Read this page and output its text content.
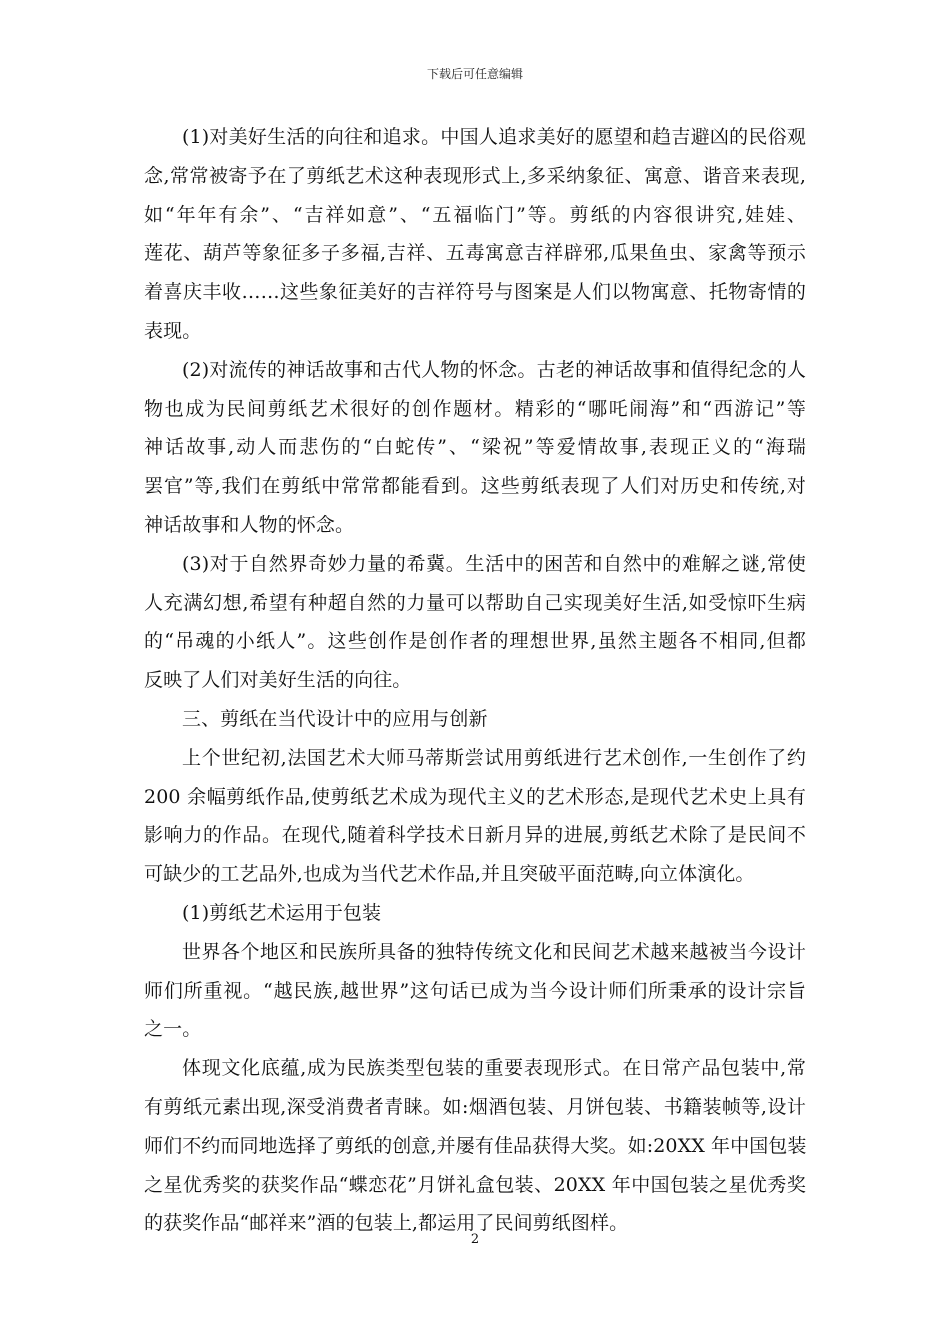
下载后可任意编辑
(1)对美好生活的向往和追求。中国人追求美好的愿望和趋吉避凶的民俗观
念,常常被寄予在了剪纸艺术这种表现形式上,多采纳象征、寓意、谐音来表现,
如“年年有余”、“吉祥如意”、“五福临门”等。剪纸的内容很讲究,娃娃、
莲花、葫芦等象征多子多福,吉祥、五毒寓意吉祥辟邪,瓜果鱼虫、家禽等预示
着喜庆丰收……这些象征美好的吉祥符号与图案是人们以物寓意、托物寄情的
表现。
(2)对流传的神话故事和古代人物的怀念。古老的神话故事和值得纪念的人
物也成为民间剪纸艺术很好的创作题材。精彩的“哪吒闹海”和“西游记”等
神话故事,动人而悲伤的“白蛇传”、“梁祝”等爱情故事,表现正义的“海瑞
罢官”等,我们在剪纸中常常都能看到。这些剪纸表现了人们对历史和传统,对
神话故事和人物的怀念。
(3)对于自然界奇妙力量的希冀。生活中的困苦和自然中的难解之谜,常使
人充满幻想,希望有种超自然的力量可以帮助自己实现美好生活,如受惊吓生病
的“吊魂的小纸人”。这些创作是创作者的理想世界,虽然主题各不相同,但都
反映了人们对美好生活的向往。
三、剪纸在当代设计中的应用与创新
上个世纪初,法国艺术大师马蒂斯尝试用剪纸进行艺术创作,一生创作了约
200 余幅剪纸作品,使剪纸艺术成为现代主义的艺术形态,是现代艺术史上具有
影响力的作品。在现代,随着科学技术日新月异的进展,剪纸艺术除了是民间不
可缺少的工艺品外,也成为当代艺术作品,并且突破平面范畴,向立体演化。
(1)剪纸艺术运用于包装
世界各个地区和民族所具备的独特传统文化和民间艺术越来越被当今设计
师们所重视。“越民族,越世界”这句话已成为当今设计师们所秉承的设计宗旨
之一。
体现文化底蕴,成为民族类型包装的重要表现形式。在日常产品包装中,常
有剪纸元素出现,深受消费者青睐。如:烟酒包装、月饼包装、书籍装帧等,设计
师们不约而同地选择了剪纸的创意,并屡有佳品获得大奖。如:20XX 年中国包装
之星优秀奖的获奖作品“蝶恋花”月饼礼盒包装、20XX 年中国包装之星优秀奖
的获奖作品“邮祥来”酒的包装上,都运用了民间剪纸图样。
2
